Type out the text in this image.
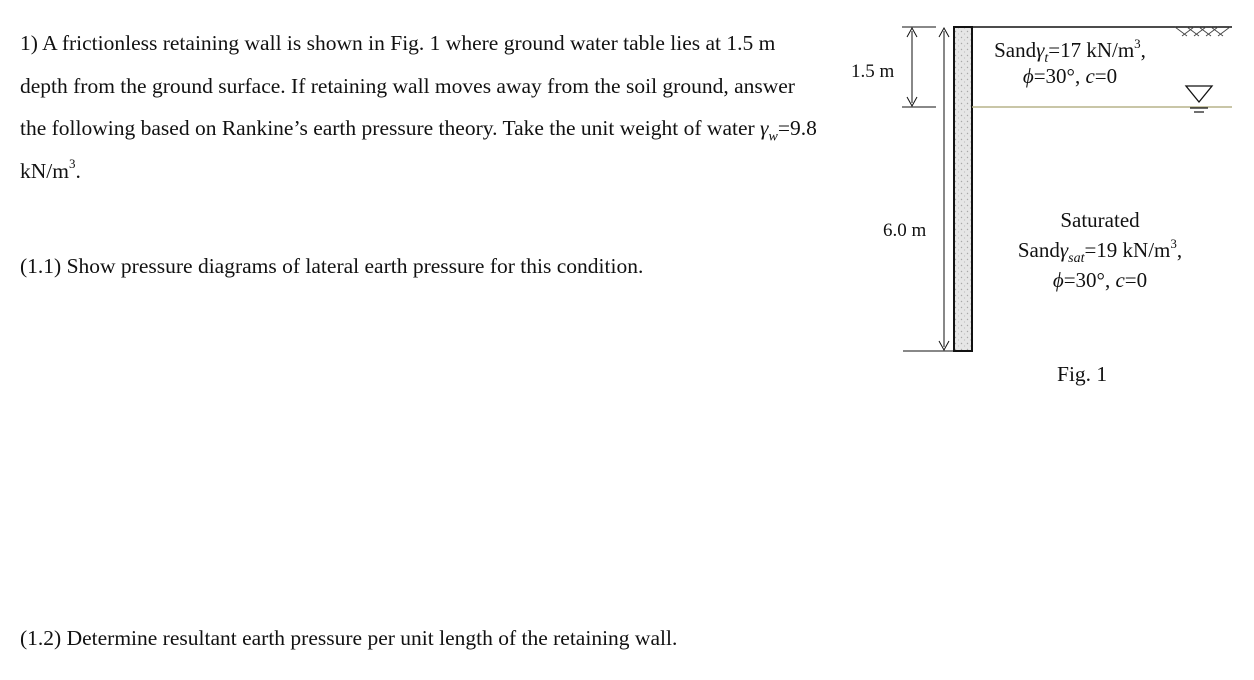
1) A frictionless retaining wall is shown in Fig. 1 where ground water table lies at 1.5 m depth from the ground surface. If retaining wall moves away from the soil ground, answer the following based on Rankine’s earth pressure theory. Take the unit weight of water $\gamma_w=9.8$ $kN/m^3$.

(1.1) Show pressure diagrams of lateral earth pressure for this condition.

(1.2) Determine resultant earth pressure per unit length of the retaining wall.

1.5 m
6.0 m
Sandγ$_t$=17 $kN/m^3$,
ϕ=30°, c=0
Saturated
Sandγ$_{sat}$=19 $kN/m^3$,
ϕ=30°, c=0
Fig. 1
